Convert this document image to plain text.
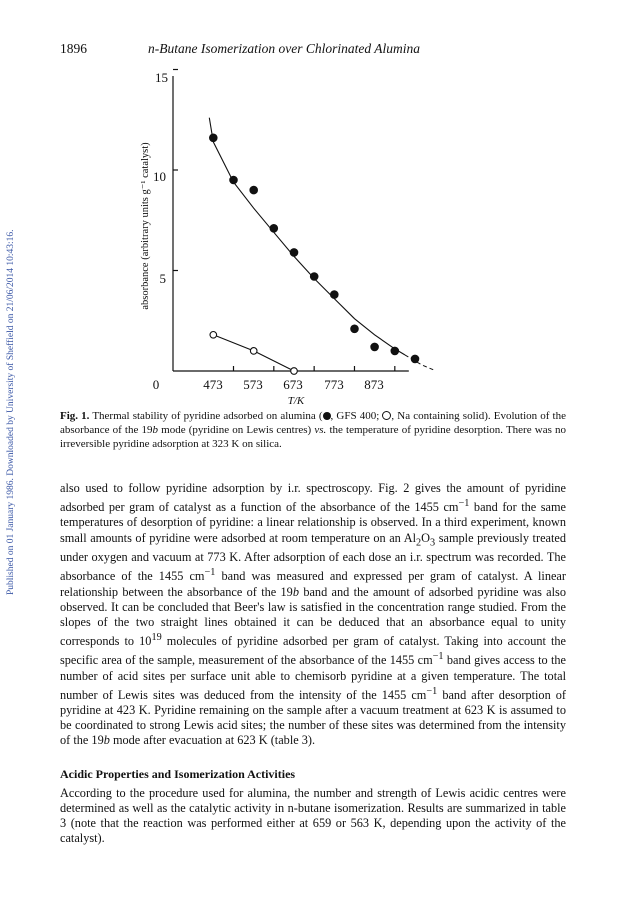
Published on 01 January 1986. Downloaded by University of Sheffield on 21/06/2014 10:43:16.
1896	n-Butane Isomerization over Chlorinated Alumina
15
10
5
0	473 573 673 773 873
T/K
absorbance (arbitrary units g⁻¹ catalyst)
Fig. 1. Thermal stability of pyridine adsorbed on alumina ( , GFS 400; , Na containing solid). Evolution of the absorbance of the 19b mode (pyridine on Lewis centres) vs. the temperature of pyridine desorption. There was no irreversible pyridine adsorption at 323 K on silica.

also used to follow pyridine adsorption by i.r. spectroscopy. Fig. 2 gives the amount of pyridine adsorbed per gram of catalyst as a function of the absorbance of the 1455 $cm^{-1}$ band for the same temperatures of desorption of pyridine: a linear relationship is observed. In a third experiment, known small amounts of pyridine were adsorbed at room temperature on an $Al_2O_3$ sample previously treated under oxygen and vacuum at 773 K. After adsorption of each dose an i.r. spectrum was recorded. The absorbance of the 1455 $cm^{-1}$ band was measured and expressed per gram of catalyst. A linear relationship between the absorbance of the 19b band and the amount of adsorbed pyridine was also observed. It can be concluded that Beer's law is satisfied in the concentration range studied. From the slopes of the two straight lines obtained it can be deduced that an absorbance equal to unity corresponds to $10^{19}$ molecules of pyridine adsorbed per gram of catalyst. Taking into account the specific area of the sample, measurement of the absorbance of the 1455 $cm^{-1}$ band gives access to the number of acid sites per surface unit able to chemisorb pyridine at a given temperature. The total number of Lewis sites was deduced from the intensity of the 1455 $cm^{-1}$ band after desorption of pyridine at 423 K. Pyridine remaining on the sample after a vacuum treatment at 623 K is assumed to be coordinated to strong Lewis acid sites; the number of these sites was determined from the intensity of the 19b mode after evacuation at 623 K (table 3).

Acidic Properties and Isomerization Activities
According to the procedure used for alumina, the number and strength of Lewis acidic centres were determined as well as the catalytic activity in n-butane isomerization. Results are summarized in table 3 (note that the reaction was performed either at 659 or 563 K, depending upon the activity of the catalyst).
